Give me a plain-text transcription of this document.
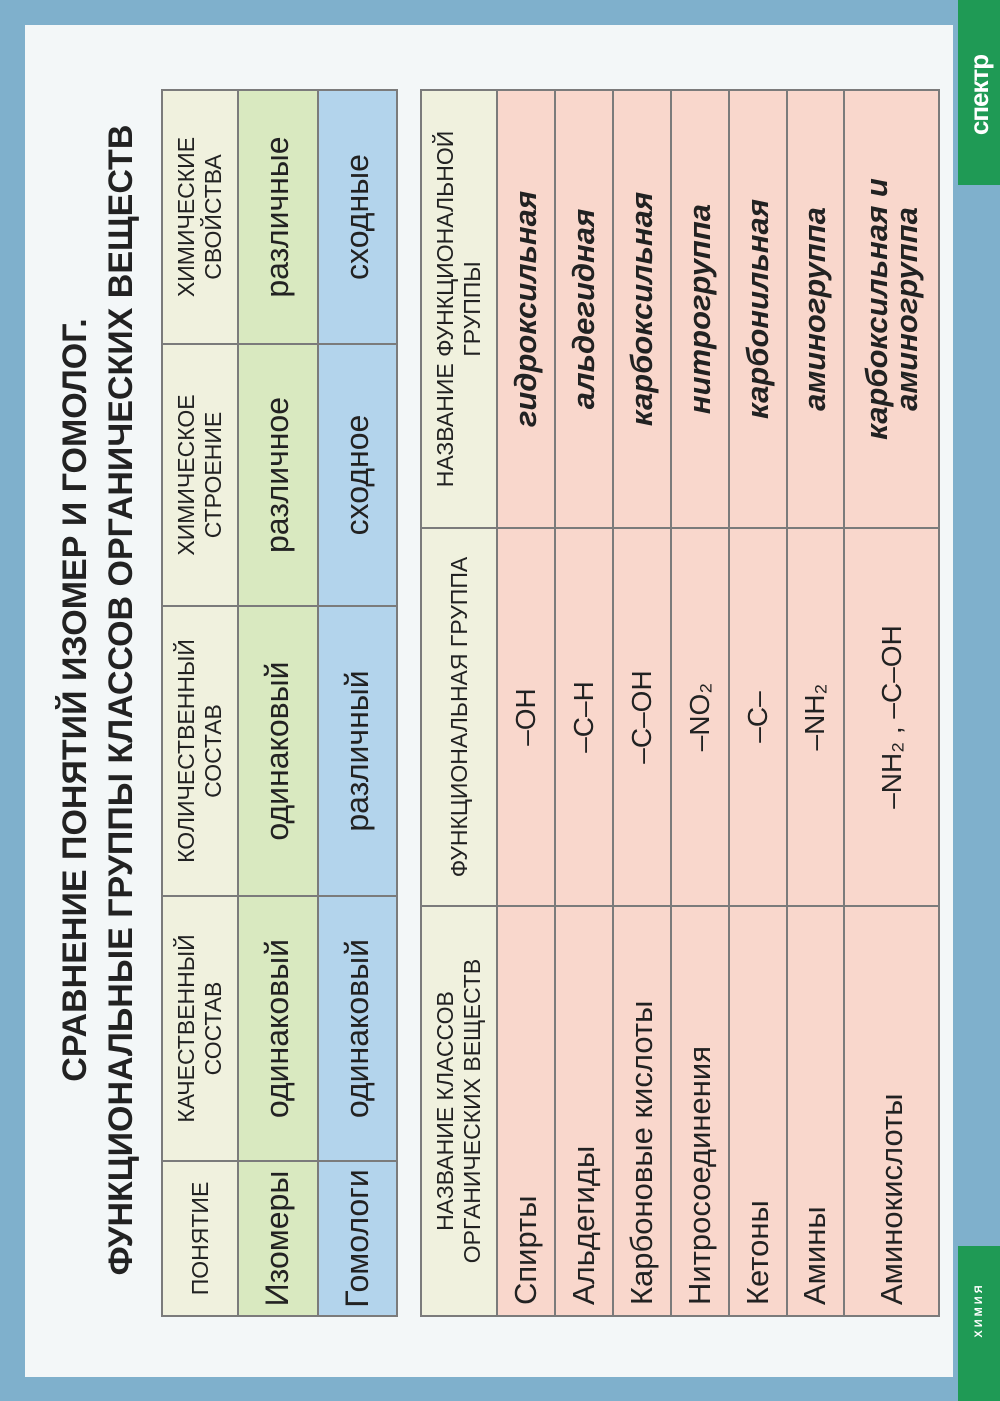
спектр
ХИМИЯ
СРАВНЕНИЕ ПОНЯТИЙ ИЗОМЕР И ГОМОЛОГ. ФУНКЦИОНАЛЬНЫЕ ГРУППЫ КЛАССОВ ОРГАНИЧЕСКИХ ВЕЩЕСТВ ПОНЯТИЕ	КАЧЕСТВЕННЫЙ СОСТАВ	КОЛИЧЕСТВЕННЫЙ СОСТАВ	ХИМИЧЕСКОЕ СТРОЕНИЕ	ХИМИЧЕСКИЕ СВОЙСТВА
Изомеры	одинаковый	одинаковый	различное	различные
Гомологи	одинаковый	различный	сходное	сходные
НАЗВАНИЕ КЛАССОВ ОРГАНИЧЕСКИХ ВЕЩЕСТВ	ФУНКЦИОНАЛЬНАЯ ГРУППА	НАЗВАНИЕ ФУНКЦИОНАЛЬНОЙ ГРУППЫ
Спирты	–OH	гидроксильная
Альдегиды	–C–H	альдегидная
Карбоновые кислоты	–C–OH	карбоксильная
Нитросоединения	–NO₂	нитрогруппа
Кетоны	–C–	карбонильная
Амины	–NH₂	аминогруппа
Аминокислоты	–NH₂ , –C–OH	карбоксильная и аминогруппа
